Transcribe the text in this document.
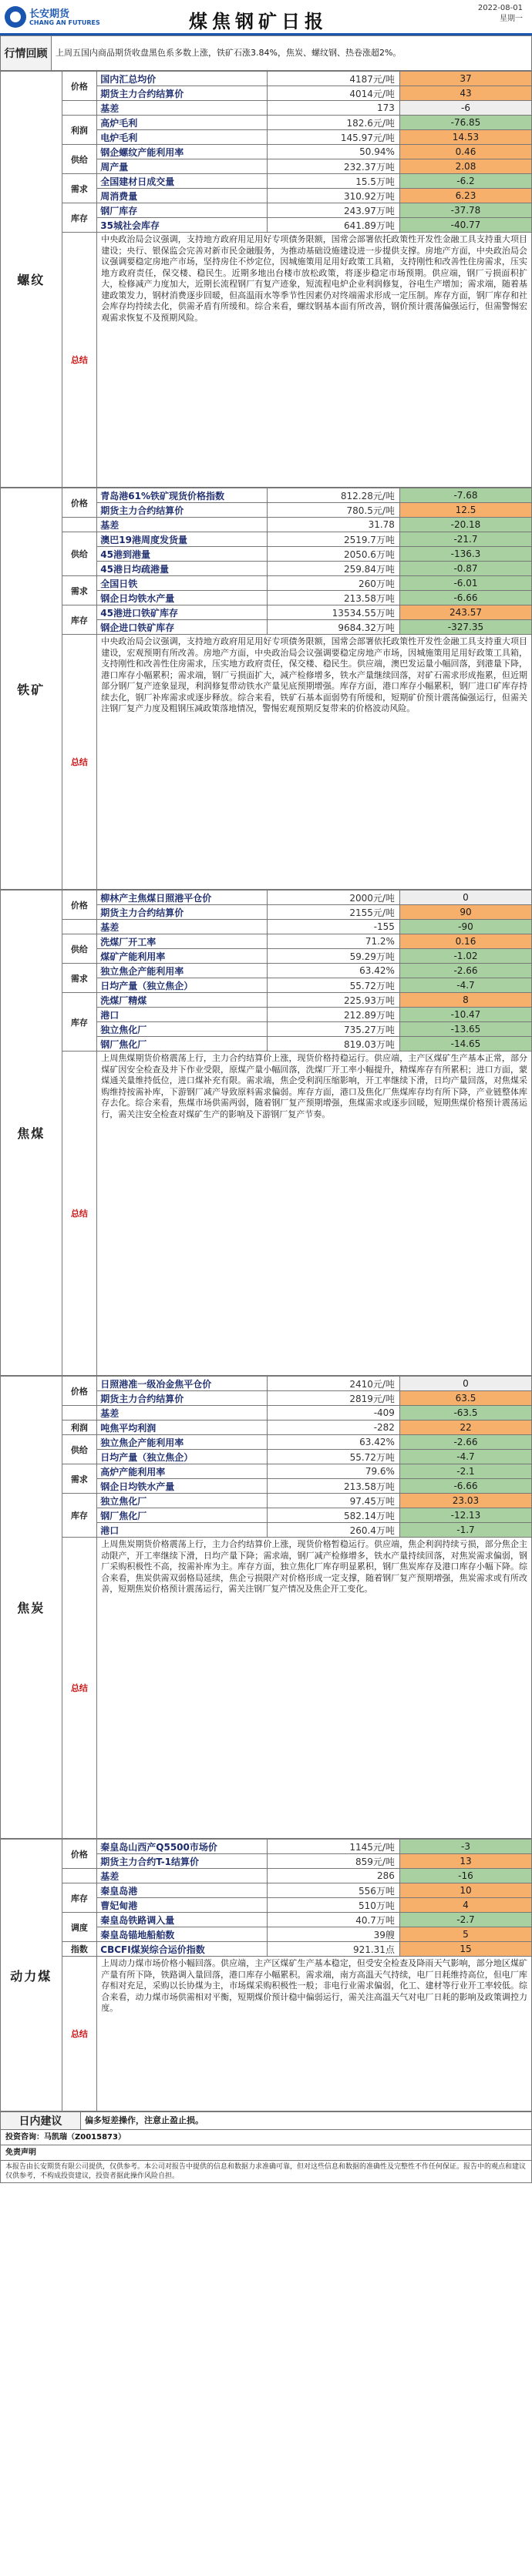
长安期货
CHANG AN FUTURES	煤焦钢矿日报
2022-08-01
星期一
行情回顾	上周五国内商品期货收盘黑色系多数上涨，铁矿石涨3.84%，焦炭、螺纹钢、热卷涨超2%。
螺纹	价格	国内汇总均价	4187元/吨	37
		期货主力合约结算价	4014元/吨	43
		基差	173	-6
	利润	高炉毛利	182.6元/吨	-76.85
		电炉毛利	145.97元/吨	14.53
	供给	钢企螺纹产能利用率	50.94%	0.46
		周产量	232.37万吨	2.08
	需求	全国建材日成交量	15.5万吨	-6.2
		周消费量	310.92万吨	6.23
	库存	钢厂库存	243.97万吨	-37.78
		35城社会库存	641.89万吨	-40.77
	总结	中央政治局会议强调，支持地方政府用足用好专项债务限额，国常会部署依托政策性开发性金融工具支持重大项目建设；央行、银保监会完善对新市民金融服务，为推动基础设施建设进一步提供支撑。房地产方面，中央政治局会议强调要稳定房地产市场，坚持房住不炒定位，因城施策用足用好政策工具箱，支持刚性和改善性住房需求，压实地方政府责任，保交楼、稳民生。近期多地出台楼市放松政策，将逐步稳定市场预期。供应端，钢厂亏损面积扩大，检修减产力度加大，近期长流程钢厂有复产迹象，短流程电炉企业利润修复，谷电生产增加；需求端，随着基建政策发力，钢材消费逐步回暖，但高温雨水等季节性因素仍对终端需求形成一定压制。库存方面，钢厂库存和社会库存均持续去化，供需矛盾有所缓和。综合来看，螺纹钢基本面有所改善，钢价预计震荡偏强运行，但需警惕宏观需求恢复不及预期风险。		
铁矿	价格	青岛港61%铁矿现货价格指数	812.28元/吨	-7.68
		期货主力合约结算价	780.5元/吨	12.5
		基差	31.78	-20.18
	供给	澳巴19港周度发货量	2519.7万吨	-21.7
		45港到港量	2050.6万吨	-136.3
		45港日均疏港量	259.84万吨	-0.87
	需求	全国日铁	260万吨	-6.01
		钢企日均铁水产量	213.58万吨	-6.66
	库存	45港进口铁矿库存	13534.55万吨	243.57
		钢企进口铁矿库存	9684.32万吨	-327.35
	总结	中央政治局会议强调，支持地方政府用足用好专项债务限额，国常会部署依托政策性开发性金融工具支持重大项目建设，宏观预期有所改善。房地产方面，中央政治局会议强调要稳定房地产市场，因城施策用足用好政策工具箱，支持刚性和改善性住房需求，压实地方政府责任，保交楼、稳民生。供应端，澳巴发运量小幅回落，到港量下降，港口库存小幅累积；需求端，钢厂亏损面扩大，减产检修增多，铁水产量继续回落，对矿石需求形成拖累，但近期部分钢厂复产迹象显现，利润修复带动铁水产量见底预期增强。库存方面，港口库存小幅累积，钢厂进口矿库存持续去化，钢厂补库需求或逐步释放。综合来看，铁矿石基本面弱势有所缓和，短期矿价预计震荡偏强运行，但需关注钢厂复产力度及粗钢压减政策落地情况，警惕宏观预期反复带来的价格波动风险。		
焦煤	价格	柳林产主焦煤日照港平仓价	2000元/吨	0
		期货主力合约结算价	2155元/吨	90
		基差	-155	-90
	供给	洗煤厂开工率	71.2%	0.16
		煤矿产能利用率	59.29万吨	-1.02
	需求	独立焦企产能利用率	63.42%	-2.66
		日均产量（独立焦企）	55.72万吨	-4.7
	库存	洗煤厂精煤	225.93万吨	8
		港口	212.89万吨	-10.47
		独立焦化厂	735.27万吨	-13.65
		钢厂焦化厂	819.03万吨	-14.65
	总结	上周焦煤期货价格震荡上行，主力合约结算价上涨，现货价格持稳运行。供应端，主产区煤矿生产基本正常，部分煤矿因安全检查及井下作业受限，原煤产量小幅回落，洗煤厂开工率小幅提升，精煤库存有所累积；进口方面，蒙煤通关量维持低位，进口煤补充有限。需求端，焦企受利润压缩影响，开工率继续下滑，日均产量回落，对焦煤采购维持按需补库，下游钢厂减产导致原料需求偏弱。库存方面，港口及焦化厂焦煤库存均有所下降，产业链整体库存去化。综合来看，焦煤市场供需两弱，随着钢厂复产预期增强，焦煤需求或逐步回暖，短期焦煤价格预计震荡运行，需关注安全检查对煤矿生产的影响及下游钢厂复产节奏。		
焦炭	价格	日照港准一级冶金焦平仓价	2410元/吨	0
		期货主力合约结算价	2819元/吨	63.5
		基差	-409	-63.5
	利润	吨焦平均利润	-282	22
	供给	独立焦企产能利用率	63.42%	-2.66
		日均产量（独立焦企）	55.72万吨	-4.7
	需求	高炉产能利用率	79.6%	-2.1
		钢企日均铁水产量	213.58万吨	-6.66
	库存	独立焦化厂	97.45万吨	23.03
		钢厂焦化厂	582.14万吨	-12.13
		港口	260.4万吨	-1.7
	总结	上周焦炭期货价格震荡上行，主力合约结算价上涨，现货价格暂稳运行。供应端，焦企利润持续亏损，部分焦企主动限产，开工率继续下滑，日均产量下降；需求端，钢厂减产检修增多，铁水产量持续回落，对焦炭需求偏弱，钢厂采购积极性不高，按需补库为主。库存方面，独立焦化厂库存明显累积，钢厂焦炭库存及港口库存小幅下降。综合来看，焦炭供需双弱格局延续，焦企亏损限产对价格形成一定支撑，随着钢厂复产预期增强，焦炭需求或有所改善，短期焦炭价格预计震荡运行，需关注钢厂复产情况及焦企开工变化。		
动力煤	价格	秦皇岛山西产Q5500市场价	1145元/吨	-3
		期货主力合约T-1结算价	859元/吨	13
		基差	286	-16
	库存	秦皇岛港	556万吨	10
		曹妃甸港	510万吨	4
	调度	秦皇岛铁路调入量	40.7万吨	-2.7
		秦皇岛锚地船舶数	39艘	5
	指数	CBCFI煤炭综合运价指数	921.31点	15
	总结	上周动力煤市场价格小幅回落。供应端，主产区煤矿生产基本稳定，但受安全检查及降雨天气影响，部分地区煤矿产量有所下降，铁路调入量回落，港口库存小幅累积。需求端，南方高温天气持续，电厂日耗维持高位，但电厂库存相对充足，采购以长协煤为主，市场煤采购积极性一般；非电行业需求偏弱，化工、建材等行业开工率较低。综合来看，动力煤市场供需相对平衡，短期煤价预计稳中偏弱运行，需关注高温天气对电厂日耗的影响及政策调控力度。		
日内建议	偏多短差操作，注意止盈止损。
投资咨询：马凯瑞（Z0015873）
免责声明
本报告由长安期货有限公司提供，仅供参考。本公司对报告中提供的信息和数据力求准确可靠，但对这些信息和数据的准确性及完整性不作任何保证。报告中的观点和建议仅供参考，不构成投资建议，投资者据此操作风险自担。
